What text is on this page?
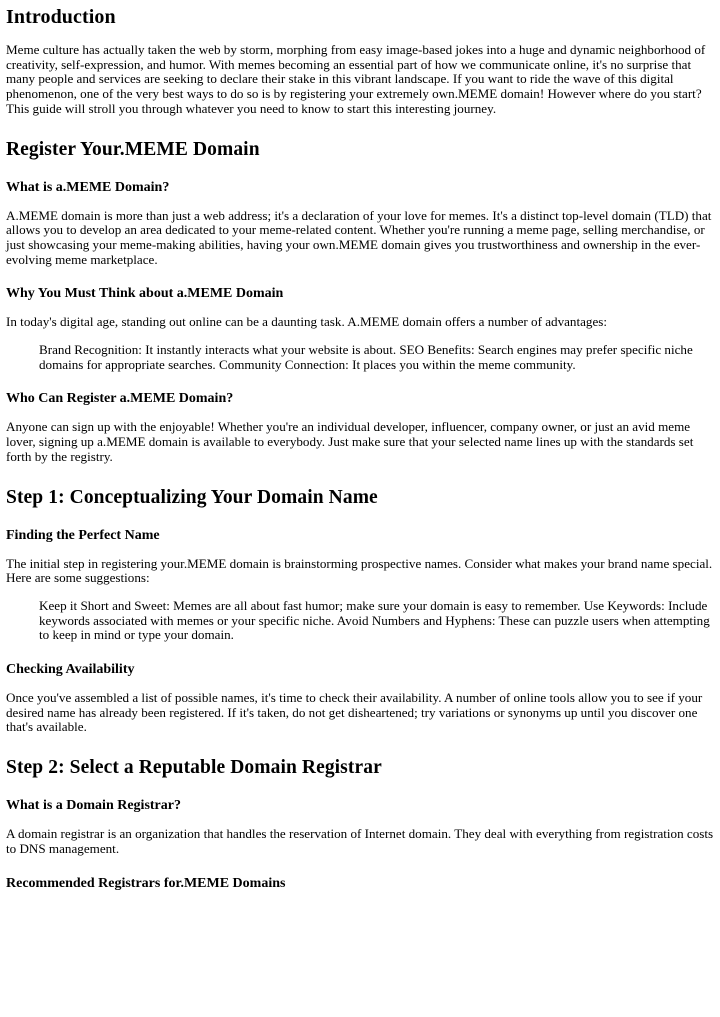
Introduction

Meme culture has actually taken the web by storm, morphing from easy image-based jokes into a huge and dynamic neighborhood of creativity, self-expression, and humor. With memes becoming an essential part of how we communicate online, it's no surprise that many people and services are seeking to declare their stake in this vibrant landscape. If you want to ride the wave of this digital phenomenon, one of the very best ways to do so is by registering your extremely own.MEME domain! However where do you start? This guide will stroll you through whatever you need to know to start this interesting journey.

Register Your.MEME Domain
What is a.MEME Domain?

A.MEME domain is more than just a web address; it's a declaration of your love for memes. It's a distinct top-level domain (TLD) that allows you to develop an area dedicated to your meme-related content. Whether you're running a meme page, selling merchandise, or just showcasing your meme-making abilities, having your own.MEME domain gives you trustworthiness and ownership in the ever-evolving meme marketplace.

Why You Must Think about a.MEME Domain

In today's digital age, standing out online can be a daunting task. A.MEME domain offers a number of advantages:

Brand Recognition: It instantly interacts what your website is about. SEO Benefits: Search engines may prefer specific niche domains for appropriate searches. Community Connection: It places you within the meme community.

Who Can Register a.MEME Domain?

Anyone can sign up with the enjoyable! Whether you're an individual developer, influencer, company owner, or just an avid meme lover, signing up a.MEME domain is available to everybody. Just make sure that your selected name lines up with the standards set forth by the registry.

Step 1: Conceptualizing Your Domain Name
Finding the Perfect Name

The initial step in registering your.MEME domain is brainstorming prospective names. Consider what makes your brand name special. Here are some suggestions:

Keep it Short and Sweet: Memes are all about fast humor; make sure your domain is easy to remember. Use Keywords: Include keywords associated with memes or your specific niche. Avoid Numbers and Hyphens: These can puzzle users when attempting to keep in mind or type your domain.

Checking Availability

Once you've assembled a list of possible names, it's time to check their availability. A number of online tools allow you to see if your desired name has already been registered. If it's taken, do not get disheartened; try variations or synonyms up until you discover one that's available.

Step 2: Select a Reputable Domain Registrar
What is a Domain Registrar?

A domain registrar is an organization that handles the reservation of Internet domain. They deal with everything from registration costs to DNS management.

Recommended Registrars for.MEME Domains
